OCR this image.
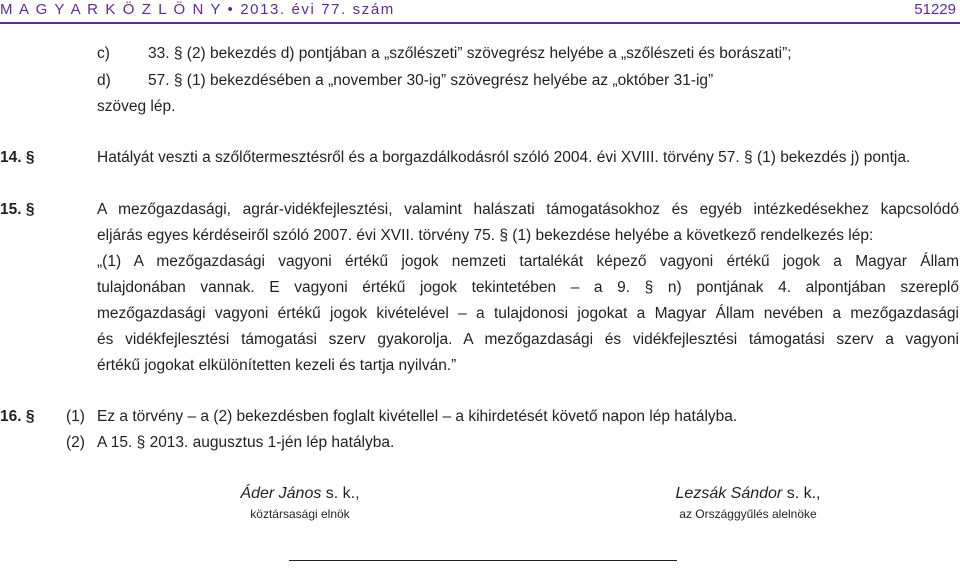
M A G Y A R K Ö Z L Ö N Y • 2013. évi 77. szám	51229
c) 33. § (2) bekezdés d) pontjában a „szőlészeti” szövegrész helyébe a „szőlészeti és borászati”;
d) 57. § (1) bekezdésében a „november 30-ig” szövegrész helyébe az „október 31-ig”
szöveg lép.
14. §	Hatályát veszti a szőlőtermesztésről és a borgazdálkodásról szóló 2004. évi XVIII. törvény 57. § (1) bekezdés j) pontja.
15. §	A mezőgazdasági, agrár-vidékfejlesztési, valamint halászati támogatásokhoz és egyéb intézkedésekhez kapcsolódó
eljárás egyes kérdéseiről szóló 2007. évi XVII. törvény 75. § (1) bekezdése helyébe a következő rendelkezés lép:
„(1) A mezőgazdasági vagyoni értékű jogok nemzeti tartalékát képező vagyoni értékű jogok a Magyar Állam
tulajdonában vannak. E vagyoni értékű jogok tekintetében – a 9. § n) pontjának 4. alpontjában szereplő
mezőgazdasági vagyoni értékű jogok kivételével – a tulajdonosi jogokat a Magyar Állam nevében a mezőgazdasági
és vidékfejlesztési támogatási szerv gyakorolja. A mezőgazdasági és vidékfejlesztési támogatási szerv a vagyoni
értékű jogokat elkülönítetten kezeli és tartja nyilván.”
16. § (1) Ez a törvény – a (2) bekezdésben foglalt kivétellel – a kihirdetését követő napon lép hatályba.
(2) A 15. § 2013. augusztus 1-jén lép hatályba.
Áder János s. k.,
köztársasági elnök
Lezsák Sándor s. k.,
az Országgyűlés alelnöke
